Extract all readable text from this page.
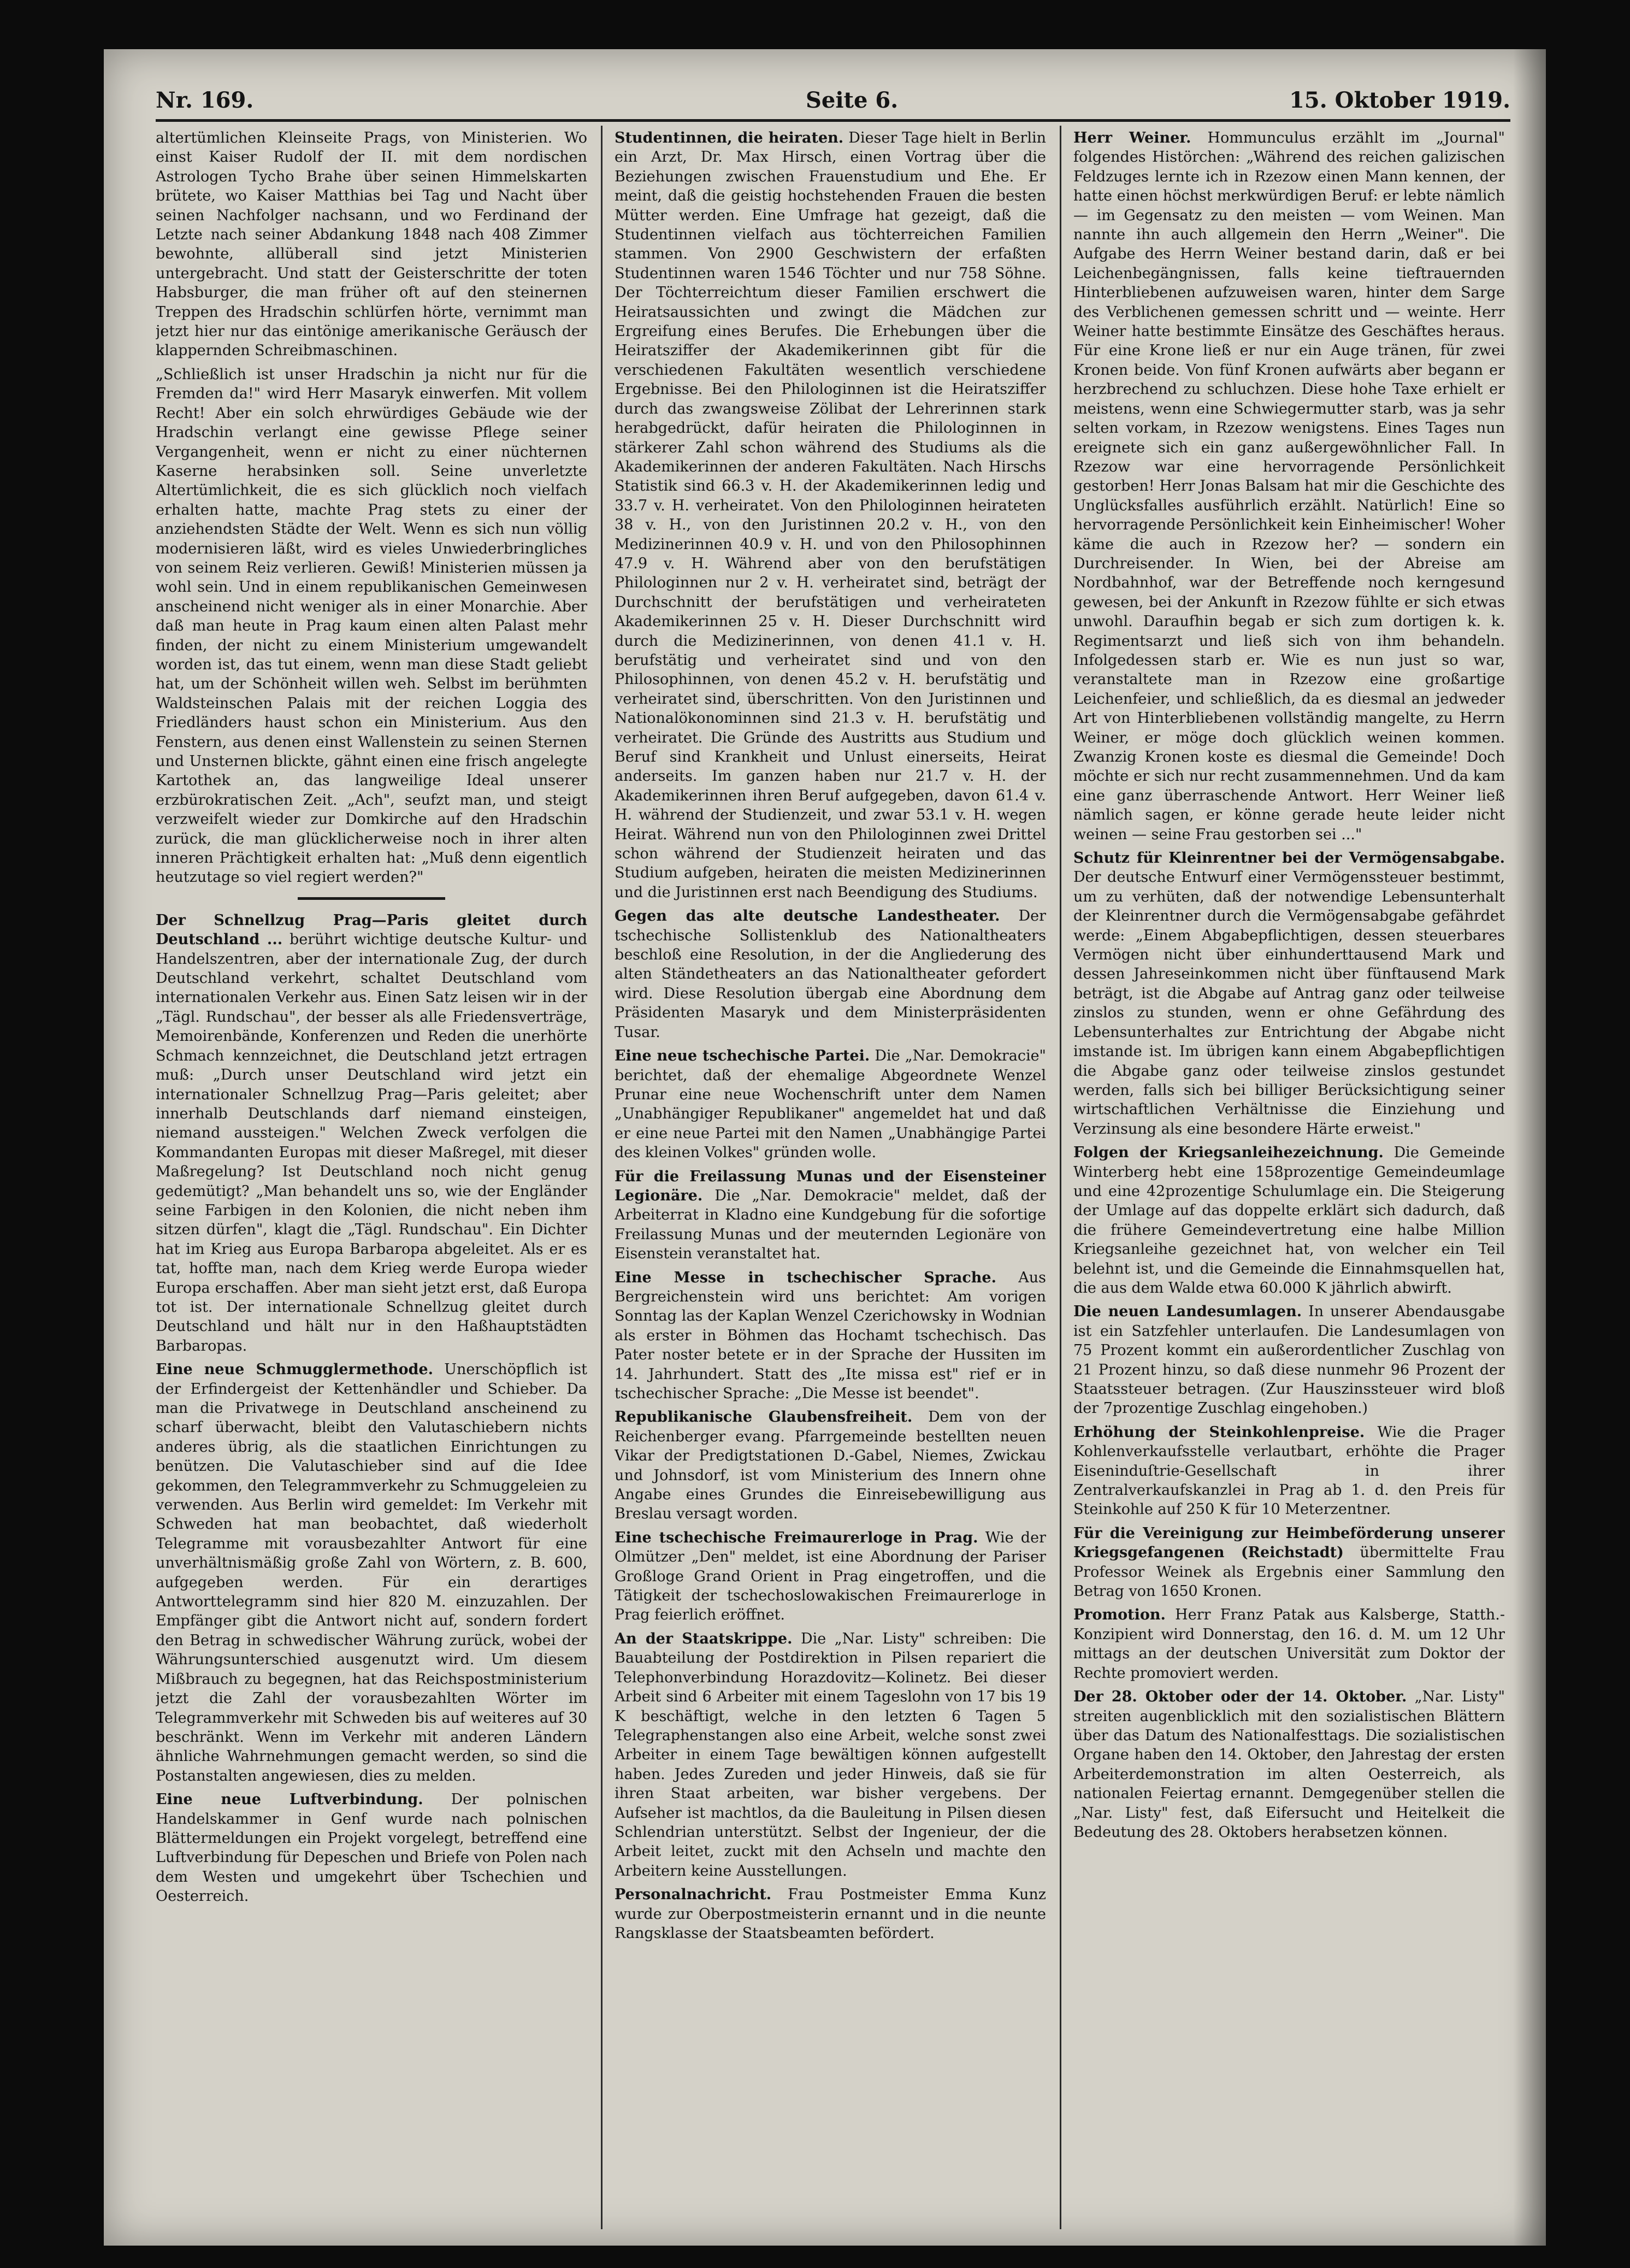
Nr. 169.	Seite 6.	15. Oktober 1919.

altertümlichen Kleinseite Prags, von Ministerien. Wo einst Kaiser Rudolf der II. mit dem nordischen Astrologen Tycho Brahe über seinen Himmelskarten brütete, wo Kaiser Matthias bei Tag und Nacht über seinen Nachfolger nachsann, und wo Ferdinand der Letzte nach seiner Abdankung 1848 nach 408 Zimmer bewohnte, allüberall sind jetzt Ministerien untergebracht. Und statt der Geisterschritte der toten Habsburger, die man früher oft auf den steinernen Treppen des Hradschin schlürfen hörte, vernimmt man jetzt hier nur das eintönige amerikanische Geräusch der klappernden Schreibmaschinen.

„Schließlich ist unser Hradschin ja nicht nur für die Fremden da!" wird Herr Masaryk einwerfen. Mit vollem Recht! Aber ein solch ehrwürdiges Gebäude wie der Hradschin verlangt eine gewisse Pflege seiner Vergangenheit, wenn er nicht zu einer nüchternen Kaserne herabsinken soll. Seine unverletzte Altertümlichkeit, die es sich glücklich noch vielfach erhalten hatte, machte Prag stets zu einer der anziehendsten Städte der Welt. Wenn es sich nun völlig modernisieren läßt, wird es vieles Unwiederbringliches von seinem Reiz verlieren. Gewiß! Ministerien müssen ja wohl sein. Und in einem republikanischen Gemeinwesen anscheinend nicht weniger als in einer Monarchie. Aber daß man heute in Prag kaum einen alten Palast mehr finden, der nicht zu einem Ministerium umgewandelt worden ist, das tut einem, wenn man diese Stadt geliebt hat, um der Schönheit willen weh. Selbst im berühmten Waldsteinschen Palais mit der reichen Loggia des Friedländers haust schon ein Ministerium. Aus den Fenstern, aus denen einst Wallenstein zu seinen Sternen und Unsternen blickte, gähnt einen eine frisch angelegte Kartothek an, das langweilige Ideal unserer erzbürokratischen Zeit. „Ach", seufzt man, und steigt verzweifelt wieder zur Domkirche auf den Hradschin zurück, die man glücklicherweise noch in ihrer alten inneren Prächtigkeit erhalten hat: „Muß denn eigentlich heutzutage so viel regiert werden?"

Der Schnellzug Prag—Paris gleitet durch Deutschland ... berührt wichtige deutsche Kultur- und Handelszentren, aber der internationale Zug, der durch Deutschland verkehrt, schaltet Deutschland vom internationalen Verkehr aus. Einen Satz leisen wir in der „Tägl. Rundschau", der besser als alle Friedensverträge, Memoirenbände, Konferenzen und Reden die unerhörte Schmach kennzeichnet, die Deutschland jetzt ertragen muß: „Durch unser Deutschland wird jetzt ein internationaler Schnellzug Prag—Paris geleitet; aber innerhalb Deutschlands darf niemand einsteigen, niemand aussteigen." Welchen Zweck verfolgen die Kommandanten Europas mit dieser Maßregel, mit dieser Maßregelung? Ist Deutschland noch nicht genug gedemütigt? „Man behandelt uns so, wie der Engländer seine Farbigen in den Kolonien, die nicht neben ihm sitzen dürfen", klagt die „Tägl. Rundschau". Ein Dichter hat im Krieg aus Europa Barbaropa abgeleitet. Als er es tat, hoffte man, nach dem Krieg werde Europa wieder Europa erschaffen. Aber man sieht jetzt erst, daß Europa tot ist. Der internationale Schnellzug gleitet durch Deutschland und hält nur in den Haßhauptstädten Barbaropas.

Eine neue Schmugglermethode. Unerschöpflich ist der Erfindergeist der Kettenhändler und Schieber. Da man die Privatwege in Deutschland anscheinend zu scharf überwacht, bleibt den Valutaschiebern nichts anderes übrig, als die staatlichen Einrichtungen zu benützen. Die Valutaschieber sind auf die Idee gekommen, den Telegrammverkehr zu Schmuggeleien zu verwenden. Aus Berlin wird gemeldet: Im Verkehr mit Schweden hat man beobachtet, daß wiederholt Telegramme mit vorausbezahlter Antwort für eine unverhältnismäßig große Zahl von Wörtern, z. B. 600, aufgegeben werden. Für ein derartiges Antworttelegramm sind hier 820 M. einzuzahlen. Der Empfänger gibt die Antwort nicht auf, sondern fordert den Betrag in schwedischer Währung zurück, wobei der Währungsunterschied ausgenutzt wird. Um diesem Mißbrauch zu begegnen, hat das Reichspostministerium jetzt die Zahl der vorausbezahlten Wörter im Telegrammverkehr mit Schweden bis auf weiteres auf 30 beschränkt. Wenn im Verkehr mit anderen Ländern ähnliche Wahrnehmungen gemacht werden, so sind die Postanstalten angewiesen, dies zu melden.

Eine neue Luftverbindung. Der polnischen Handelskammer in Genf wurde nach polnischen Blättermeldungen ein Projekt vorgelegt, betreffend eine Luftverbindung für Depeschen und Briefe von Polen nach dem Westen und umgekehrt über Tschechien und Oesterreich.

Studentinnen, die heiraten. Dieser Tage hielt in Berlin ein Arzt, Dr. Max Hirsch, einen Vortrag über die Beziehungen zwischen Frauenstudium und Ehe. Er meint, daß die geistig hochstehenden Frauen die besten Mütter werden. Eine Umfrage hat gezeigt, daß die Studentinnen vielfach aus töchterreichen Familien stammen. Von 2900 Geschwistern der erfaßten Studentinnen waren 1546 Töchter und nur 758 Söhne. Der Töchterreichtum dieser Familien erschwert die Heiratsaussichten und zwingt die Mädchen zur Ergreifung eines Berufes. Die Erhebungen über die Heiratsziffer der Akademikerinnen gibt für die verschiedenen Fakultäten wesentlich verschiedene Ergebnisse. Bei den Philologinnen ist die Heiratsziffer durch das zwangsweise Zölibat der Lehrerinnen stark herabgedrückt, dafür heiraten die Philologinnen in stärkerer Zahl schon während des Studiums als die Akademikerinnen der anderen Fakultäten. Nach Hirschs Statistik sind 66.3 v. H. der Akademikerinnen ledig und 33.7 v. H. verheiratet. Von den Philologinnen heirateten 38 v. H., von den Juristinnen 20.2 v. H., von den Medizinerinnen 40.9 v. H. und von den Philosophinnen 47.9 v. H. Während aber von den berufstätigen Philologinnen nur 2 v. H. verheiratet sind, beträgt der Durchschnitt der berufstätigen und verheirateten Akademikerinnen 25 v. H. Dieser Durchschnitt wird durch die Medizinerinnen, von denen 41.1 v. H. berufstätig und verheiratet sind und von den Philosophinnen, von denen 45.2 v. H. berufstätig und verheiratet sind, überschritten. Von den Juristinnen und Nationalökonominnen sind 21.3 v. H. berufstätig und verheiratet. Die Gründe des Austritts aus Studium und Beruf sind Krankheit und Unlust einerseits, Heirat anderseits. Im ganzen haben nur 21.7 v. H. der Akademikerinnen ihren Beruf aufgegeben, davon 61.4 v. H. während der Studienzeit, und zwar 53.1 v. H. wegen Heirat. Während nun von den Philologinnen zwei Drittel schon während der Studienzeit heiraten und das Studium aufgeben, heiraten die meisten Medizinerinnen und die Juristinnen erst nach Beendigung des Studiums.

Gegen das alte deutsche Landestheater. Der tschechische Sollistenklub des Nationaltheaters beschloß eine Resolution, in der die Angliederung des alten Ständetheaters an das Nationaltheater gefordert wird. Diese Resolution übergab eine Abordnung dem Präsidenten Masaryk und dem Ministerpräsidenten Tusar.

Eine neue tschechische Partei. Die „Nar. Demokracie" berichtet, daß der ehemalige Abgeordnete Wenzel Prunar eine neue Wochenschrift unter dem Namen „Unabhängiger Republikaner" angemeldet hat und daß er eine neue Partei mit den Namen „Unabhängige Partei des kleinen Volkes" gründen wolle.

Für die Freilassung Munas und der Eisensteiner Legionäre. Die „Nar. Demokracie" meldet, daß der Arbeiterrat in Kladno eine Kundgebung für die sofortige Freilassung Munas und der meuternden Legionäre von Eisenstein veranstaltet hat.

Eine Messe in tschechischer Sprache. Aus Bergreichenstein wird uns berichtet: Am vorigen Sonntag las der Kaplan Wenzel Czerichowsky in Wodnian als erster in Böhmen das Hochamt tschechisch. Das Pater noster betete er in der Sprache der Hussiten im 14. Jahrhundert. Statt des „Ite missa est" rief er in tschechischer Sprache: „Die Messe ist beendet".

Republikanische Glaubensfreiheit. Dem von der Reichenberger evang. Pfarrgemeinde bestellten neuen Vikar der Predigtstationen D.-Gabel, Niemes, Zwickau und Johnsdorf, ist vom Ministerium des Innern ohne Angabe eines Grundes die Einreisebewilligung aus Breslau versagt worden.

Eine tschechische Freimaurerloge in Prag. Wie der Olmützer „Den" meldet, ist eine Abordnung der Pariser Großloge Grand Orient in Prag eingetroffen, und die Tätigkeit der tschechoslowakischen Freimaurerloge in Prag feierlich eröffnet.

An der Staatskrippe. Die „Nar. Listy" schreiben: Die Bauabteilung der Postdirektion in Pilsen repariert die Telephonverbindung Horazdovitz—Kolinetz. Bei dieser Arbeit sind 6 Arbeiter mit einem Tageslohn von 17 bis 19 K beschäftigt, welche in den letzten 6 Tagen 5 Telegraphenstangen also eine Arbeit, welche sonst zwei Arbeiter in einem Tage bewältigen können aufgestellt haben. Jedes Zureden und jeder Hinweis, daß sie für ihren Staat arbeiten, war bisher vergebens. Der Aufseher ist machtlos, da die Bauleitung in Pilsen diesen Schlendrian unterstützt. Selbst der Ingenieur, der die Arbeit leitet, zuckt mit den Achseln und machte den Arbeitern keine Ausstellungen.

Personalnachricht. Frau Postmeister Emma Kunz wurde zur Oberpostmeisterin ernannt und in die neunte Rangsklasse der Staatsbeamten befördert.

Herr Weiner. Hommunculus erzählt im „Journal" folgendes Histörchen: „Während des reichen galizischen Feldzuges lernte ich in Rzezow einen Mann kennen, der hatte einen höchst merkwürdigen Beruf: er lebte nämlich — im Gegensatz zu den meisten — vom Weinen. Man nannte ihn auch allgemein den Herrn „Weiner". Die Aufgabe des Herrn Weiner bestand darin, daß er bei Leichenbegängnissen, falls keine tieftrauernden Hinterbliebenen aufzuweisen waren, hinter dem Sarge des Verblichenen gemessen schritt und — weinte. Herr Weiner hatte bestimmte Einsätze des Geschäftes heraus. Für eine Krone ließ er nur ein Auge tränen, für zwei Kronen beide. Von fünf Kronen aufwärts aber begann er herzbrechend zu schluchzen. Diese hohe Taxe erhielt er meistens, wenn eine Schwiegermutter starb, was ja sehr selten vorkam, in Rzezow wenigstens. Eines Tages nun ereignete sich ein ganz außergewöhnlicher Fall. In Rzezow war eine hervorragende Persönlichkeit gestorben! Herr Jonas Balsam hat mir die Geschichte des Unglücksfalles ausführlich erzählt. Natürlich! Eine so hervorragende Persönlichkeit kein Einheimischer! Woher käme die auch in Rzezow her? — sondern ein Durchreisender. In Wien, bei der Abreise am Nordbahnhof, war der Betreffende noch kerngesund gewesen, bei der Ankunft in Rzezow fühlte er sich etwas unwohl. Daraufhin begab er sich zum dortigen k. k. Regimentsarzt und ließ sich von ihm behandeln. Infolgedessen starb er. Wie es nun just so war, veranstaltete man in Rzezow eine großartige Leichenfeier, und schließlich, da es diesmal an jedweder Art von Hinterbliebenen vollständig mangelte, zu Herrn Weiner, er möge doch glücklich weinen kommen. Zwanzig Kronen koste es diesmal die Gemeinde! Doch möchte er sich nur recht zusammennehmen. Und da kam eine ganz überraschende Antwort. Herr Weiner ließ nämlich sagen, er könne gerade heute leider nicht weinen — seine Frau gestorben sei ..."

Schutz für Kleinrentner bei der Vermögensabgabe. Der deutsche Entwurf einer Vermögenssteuer bestimmt, um zu verhüten, daß der notwendige Lebensunterhalt der Kleinrentner durch die Vermögensabgabe gefährdet werde: „Einem Abgabepflichtigen, dessen steuerbares Vermögen nicht über einhunderttausend Mark und dessen Jahreseinkommen nicht über fünftausend Mark beträgt, ist die Abgabe auf Antrag ganz oder teilweise zinslos zu stunden, wenn er ohne Gefährdung des Lebensunterhaltes zur Entrichtung der Abgabe nicht imstande ist. Im übrigen kann einem Abgabepflichtigen die Abgabe ganz oder teilweise zinslos gestundet werden, falls sich bei billiger Berücksichtigung seiner wirtschaftlichen Verhältnisse die Einziehung und Verzinsung als eine besondere Härte erweist."

Folgen der Kriegsanleihezeichnung. Die Gemeinde Winterberg hebt eine 158prozentige Gemeindeumlage und eine 42prozentige Schulumlage ein. Die Steigerung der Umlage auf das doppelte erklärt sich dadurch, daß die frühere Gemeindevertretung eine halbe Million Kriegsanleihe gezeichnet hat, von welcher ein Teil belehnt ist, und die Gemeinde die Einnahmsquellen hat, die aus dem Walde etwa 60.000 K jährlich abwirft.

Die neuen Landesumlagen. In unserer Abendausgabe ist ein Satzfehler unterlaufen. Die Landesumlagen von 75 Prozent kommt ein außerordentlicher Zuschlag von 21 Prozent hinzu, so daß diese nunmehr 96 Prozent der Staatssteuer betragen. (Zur Hauszinssteuer wird bloß der 7prozentige Zuschlag eingehoben.)

Erhöhung der Steinkohlenpreise. Wie die Prager Kohlenverkaufsstelle verlautbart, erhöhte die Prager Eiseninduſtrie-Gesellschaft in ihrer Zentralverkaufskanzlei in Prag ab 1. d. den Preis für Steinkohle auf 250 K für 10 Meterzentner.

Für die Vereinigung zur Heimbeförderung unserer Kriegsgefangenen (Reichstadt) übermittelte Frau Professor Weinek als Ergebnis einer Sammlung den Betrag von 1650 Kronen.

Promotion. Herr Franz Patak aus Kalsberge, Statth.-Konzipient wird Donnerstag, den 16. d. M. um 12 Uhr mittags an der deutschen Universität zum Doktor der Rechte promoviert werden.

Der 28. Oktober oder der 14. Oktober. „Nar. Listy" streiten augenblicklich mit den sozialistischen Blättern über das Datum des Nationalfesttags. Die sozialistischen Organe haben den 14. Oktober, den Jahrestag der ersten Arbeiterdemonstration im alten Oesterreich, als nationalen Feiertag ernannt. Demgegenüber stellen die „Nar. Listy" fest, daß Eifersucht und Heitelkeit die Bedeutung des 28. Oktobers herabsetzen können.
